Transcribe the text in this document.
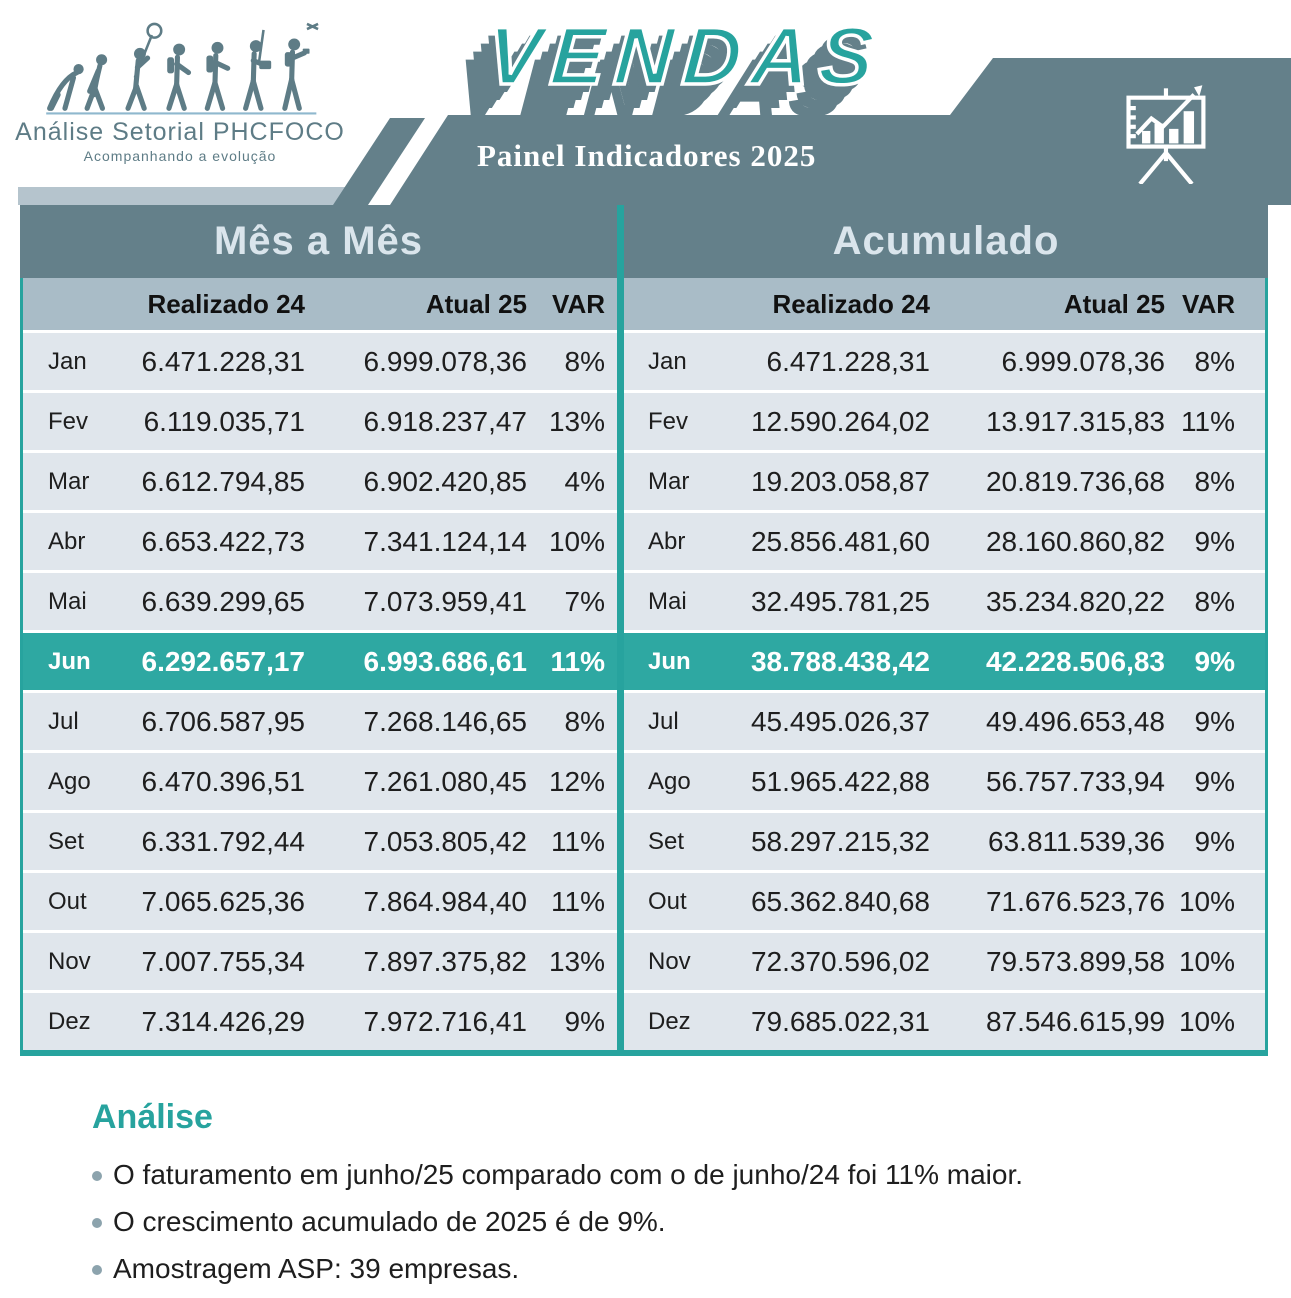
Análise Setorial PHCFOCO
Acompanhando a evolução
VENDAS
Painel Indicadores 2025
Mês a Mês	Acumulado
Realizado 24	Atual 25 VAR
Jan	6.471.228,31	6.999.078,36	8%
Fev	6.119.035,71	6.918.237,47 13%
Mar	6.612.794,85	6.902.420,85	4%
Abr	6.653.422,73	7.341.124,14 10%
Mai	6.639.299,65	7.073.959,41	7%
Jun	6.292.657,17	6.993.686,61 11%
Jul	6.706.587,95	7.268.146,65	8%
Ago	6.470.396,51	7.261.080,45 12%
Set	6.331.792,44	7.053.805,42 11%
Out	7.065.625,36	7.864.984,40 11%
Nov	7.007.755,34	7.897.375,82 13%
Dez	7.314.426,29	7.972.716,41	9%
Realizado 24	Atual 25 VAR
Jan	6.471.228,31	6.999.078,36	8%
Fev	12.590.264,02	13.917.315,83 11%
Mar	19.203.058,87	20.819.736,68	8%
Abr	25.856.481,60	28.160.860,82	9%
Mai	32.495.781,25	35.234.820,22	8%
Jun	38.788.438,42	42.228.506,83	9%
Jul	45.495.026,37	49.496.653,48	9%
Ago	51.965.422,88	56.757.733,94	9%
Set	58.297.215,32	63.811.539,36	9%
Out	65.362.840,68	71.676.523,76 10%
Nov	72.370.596,02	79.573.899,58 10%
Dez	79.685.022,31	87.546.615,99 10%
Análise
O faturamento em junho/25 comparado com o de junho/24 foi 11% maior.
O crescimento acumulado de 2025 é de 9%.
Amostragem ASP: 39 empresas.
